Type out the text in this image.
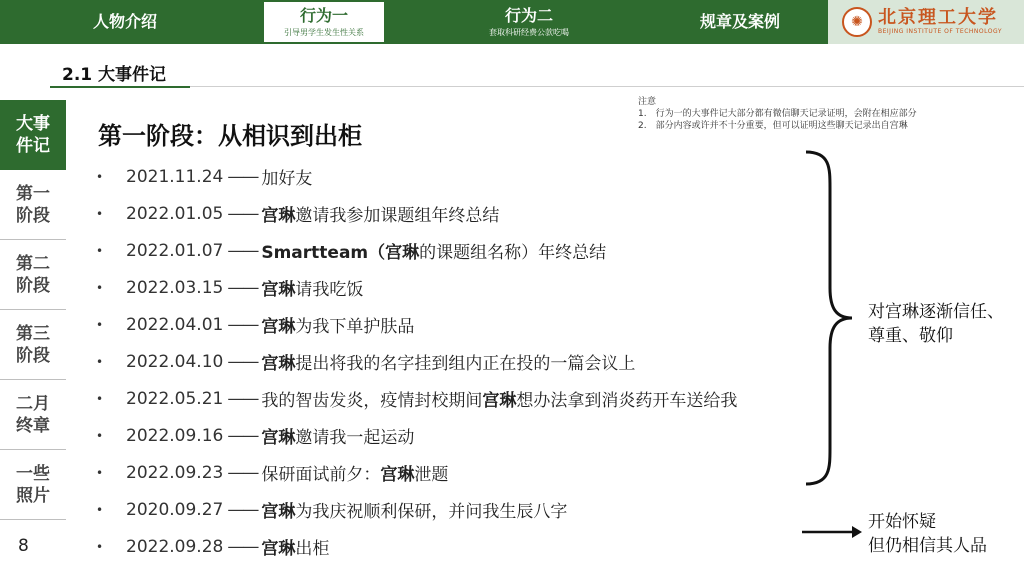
人物介绍	行为一
引导男学生发生性关系
行为二
套取科研经费公款吃喝
规章及案例	✺ 北京理工大学
BEIJING INSTITUTE OF TECHNOLOGY
2.1 大事件记
大事
件记
第一
阶段
第二
阶段
第三
阶段
二月
终章
一些
照片
8
第一阶段：从相识到出柜
注意
1.　行为一的大事件记大部分都有微信聊天记录证明，会附在相应部分
2.　部分内容或许并不十分重要，但可以证明这些聊天记录出自宫琳
•	2021.11.24 —— 加好友
•	2022.01.05 —— 宫琳邀请我参加课题组年终总结
•	2022.01.07 —— Smartteam（宫琳的课题组名称）年终总结
•	2022.03.15 —— 宫琳请我吃饭
•	2022.04.01 —— 宫琳为我下单护肤品
•	2022.04.10 —— 宫琳提出将我的名字挂到组内正在投的一篇会议上
•	2022.05.21 —— 我的智齿发炎，疫情封校期间宫琳想办法拿到消炎药开车送给我
•	2022.09.16 —— 宫琳邀请我一起运动
•	2022.09.23 —— 保研面试前夕：宫琳泄题
•	2020.09.27 —— 宫琳为我庆祝顺利保研，并问我生辰八字
•	2022.09.28 —— 宫琳出柜
对宫琳逐渐信任、
尊重、敬仰
开始怀疑
但仍相信其人品
